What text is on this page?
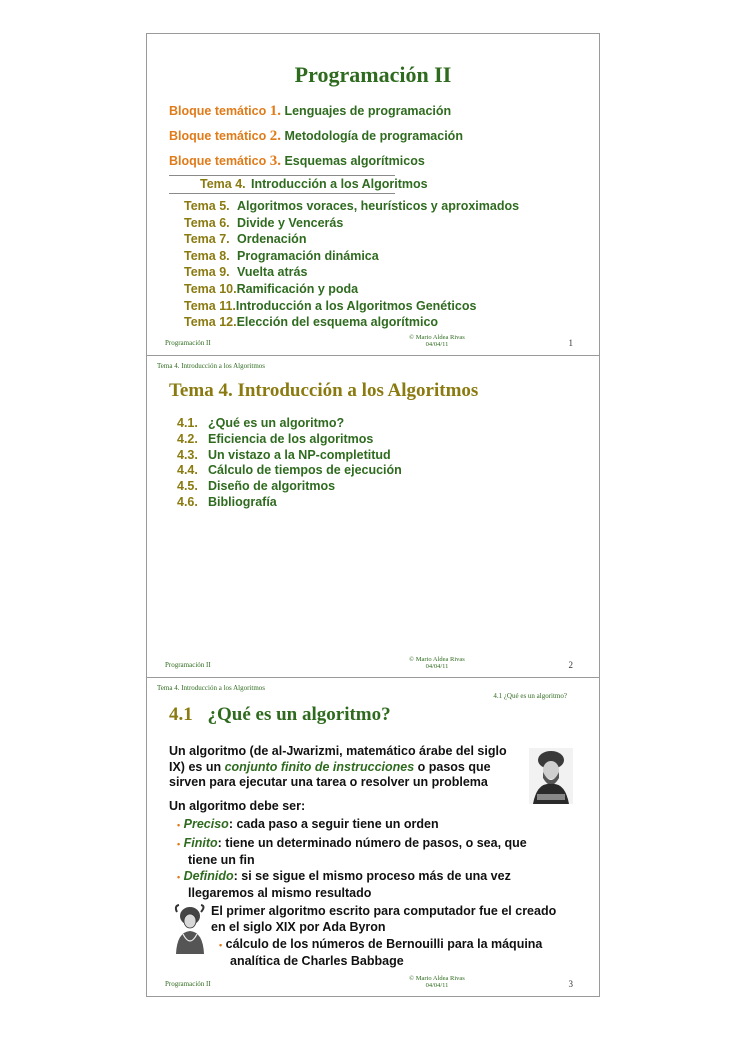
Programación II
Bloque temático 1. Lenguajes de programación
Bloque temático 2. Metodología de programación
Bloque temático 3. Esquemas algorítmicos
Tema 4. Introducción a los Algoritmos
Tema 5. Algoritmos voraces, heurísticos y aproximados
Tema 6. Divide y Vencerás
Tema 7. Ordenación
Tema 8. Programación dinámica
Tema 9. Vuelta atrás
Tema 10.Ramificación y poda
Tema 11.Introducción a los Algoritmos Genéticos
Tema 12.Elección del esquema algorítmico
Programación II
© Mario Aldea Rivas
04/04/11	1
Tema 4. Introducción a los Algoritmos
Tema 4. Introducción a los Algoritmos
4.1. ¿Qué es un algoritmo?
4.2. Eficiencia de los algoritmos
4.3. Un vistazo a la NP-completitud
4.4. Cálculo de tiempos de ejecución
4.5. Diseño de algoritmos
4.6. Bibliografía
Programación II
© Mario Aldea Rivas
04/04/11	2
Tema 4. Introducción a los Algoritmos
4.1 ¿Qué es un algoritmo?
4.1 ¿Qué es un algoritmo?
Un algoritmo (de al-Jwarizmi, matemático árabe del siglo IX) es un conjunto finito de instrucciones o pasos que sirven para ejecutar una tarea o resolver un problema
Un algoritmo debe ser:
• Preciso: cada paso a seguir tiene un orden
• Finito: tiene un determinado número de pasos, o sea, que tiene un fin
• Definido: si se sigue el mismo proceso más de una vez llegaremos al mismo resultado
El primer algoritmo escrito para computador fue el creado en el siglo XIX por Ada Byron
• cálculo de los números de Bernouilli para la máquina analítica de Charles Babbage
Programación II
© Mario Aldea Rivas
04/04/11	3
